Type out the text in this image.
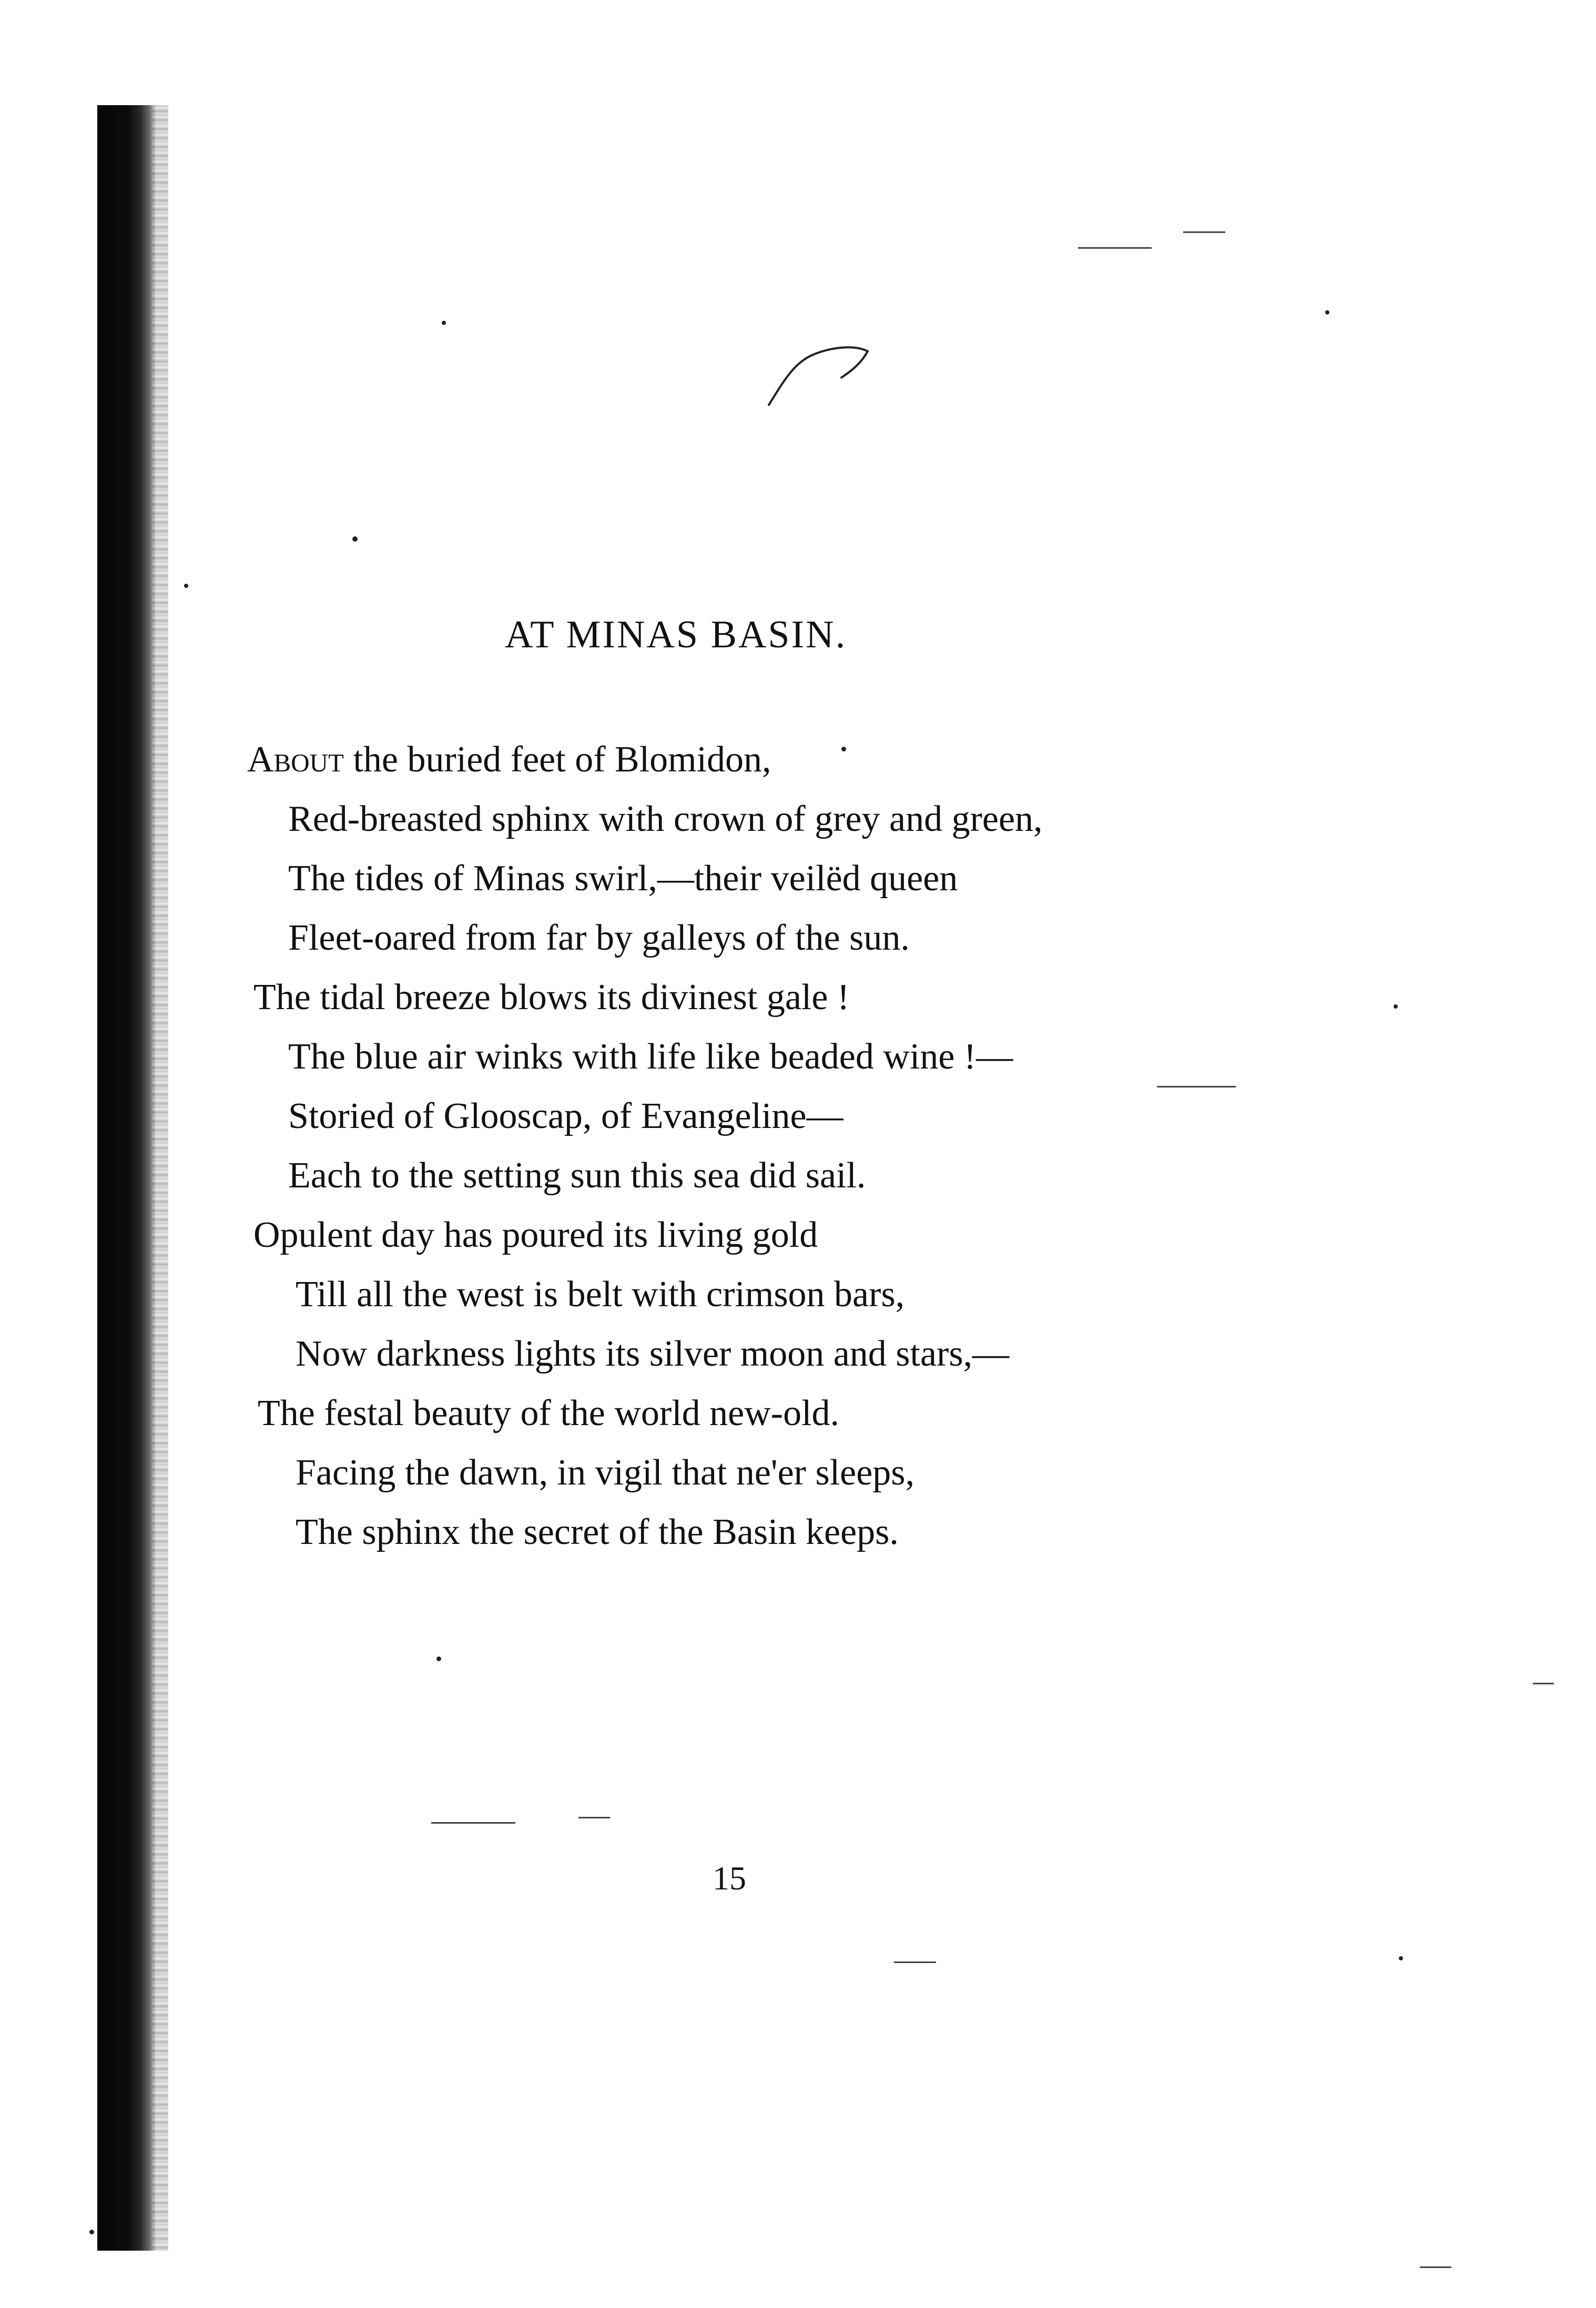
AT MINAS BASIN.
About the buried feet of Blomidon,
Red-breasted sphinx with crown of grey and green,
The tides of Minas swirl,—their veilëd queen
Fleet-oared from far by galleys of the sun.
The tidal breeze blows its divinest gale !
The blue air winks with life like beaded wine !—
Storied of Glooscap, of Evangeline—
Each to the setting sun this sea did sail.
Opulent day has poured its living gold
Till all the west is belt with crimson bars,
Now darkness lights its silver moon and stars,—
The festal beauty of the world new-old.
Facing the dawn, in vigil that ne'er sleeps,
The sphinx the secret of the Basin keeps.
15
